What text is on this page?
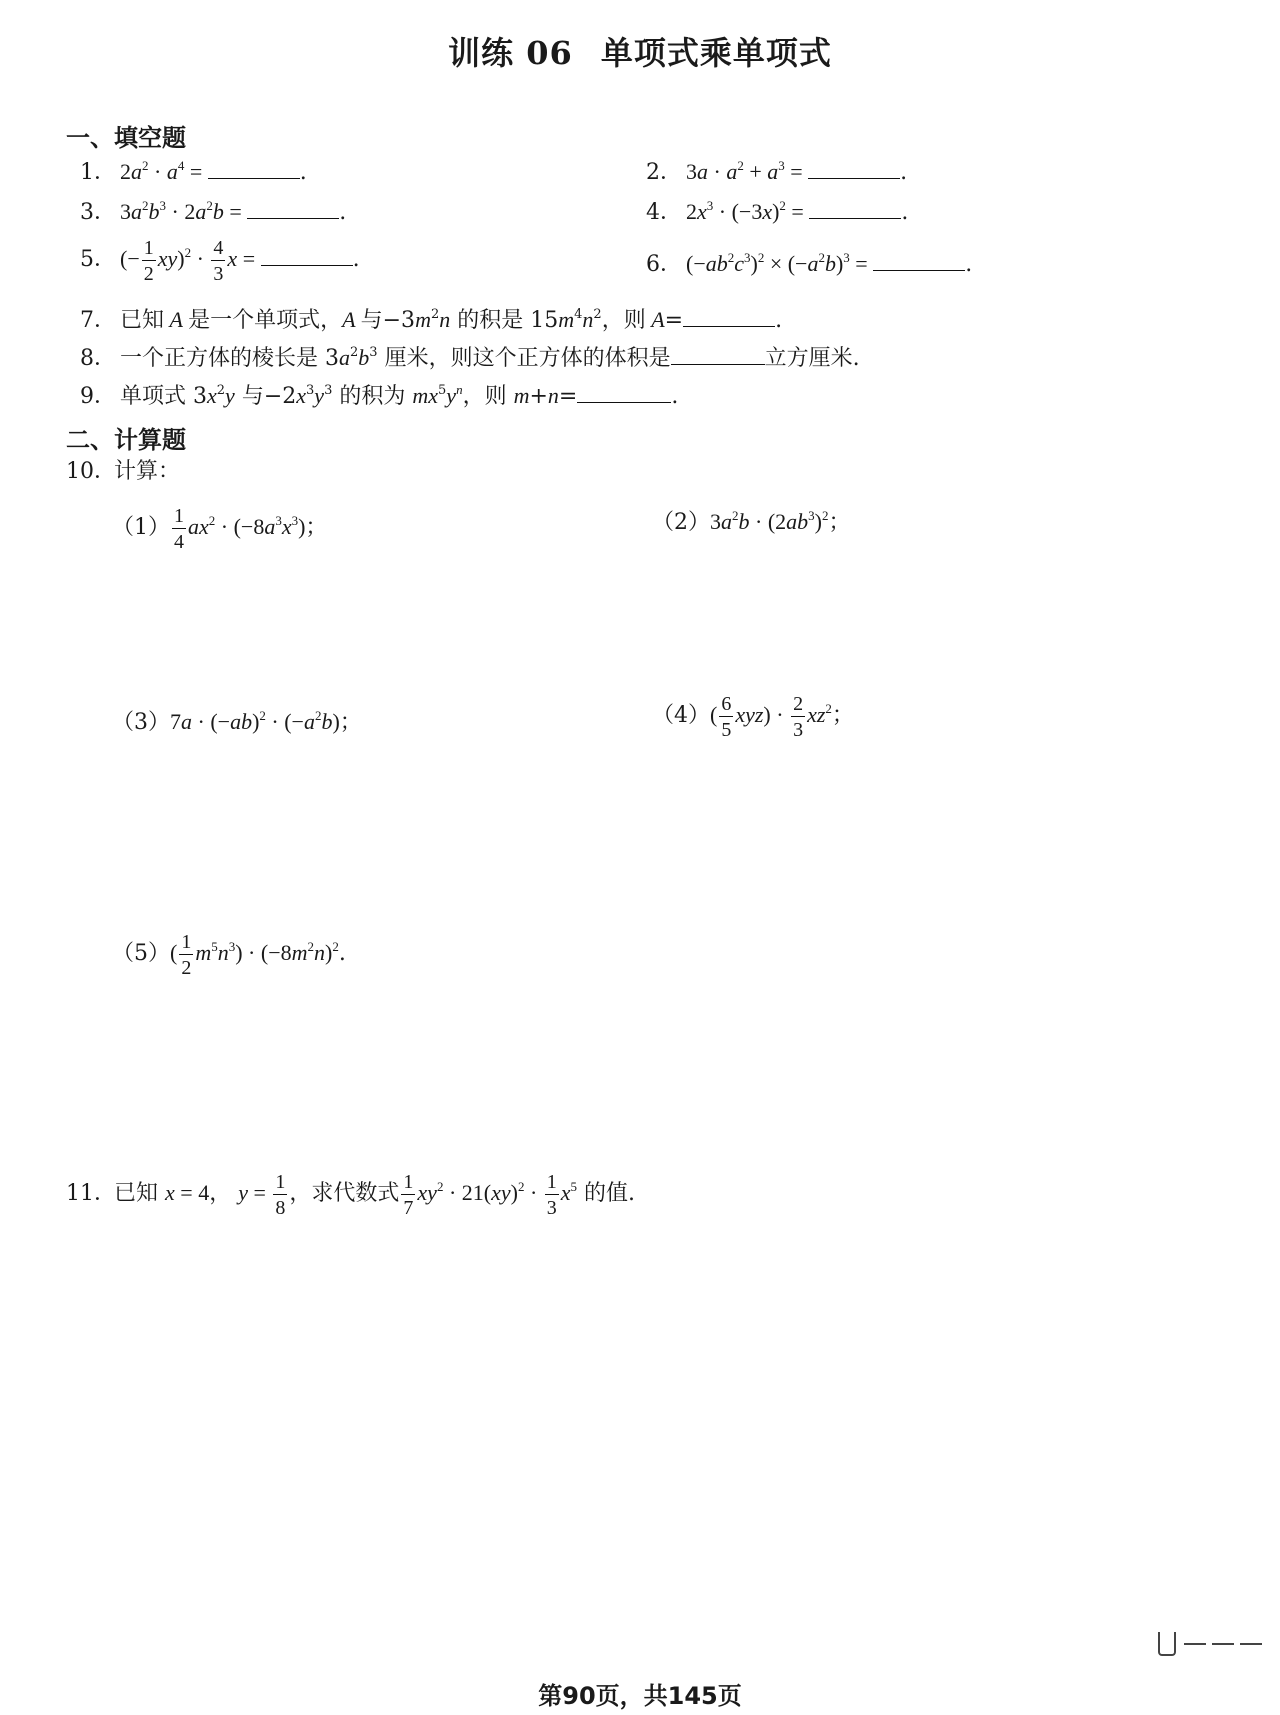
训练 06 单项式乘单项式
一、填空题
1． $2a^2 \cdot a^4$ =	.	2． $3a \cdot a^2 + a^3$ =	.
3． $3a^2b^3 \cdot 2a^2b$ =	.	4． $2x^3 \cdot (-3x)^2$ =	.
5． (− $\frac{1}{2} xy)^2 \cdot \frac{4}{3}$ x =	.	6． $(-ab^2c^3)^2 \times (-a^2b)^3$ =	.
7． 已知 A 是一个单项式，A 与$-3m^2n$ 的积是 $15m^4n^2$，则 A=	.
8． 一个正方体的棱长是 $3a^2b^3$ 厘米，则这个正方体的体积是	立方厘米.
9． 单项式 $3x^2y$ 与$-2x^3y^3$ 的积为 $mx^5y^n$，则 m+n=	.
二、计算题
10．计算：
$(1) \frac{1}{4} ax^2 \cdot (-8a^3x^3)$；	$(2)3a^2b \cdot (2ab^3)^2$；
$(3)7a \cdot (-ab)^2 \cdot (-a^2b)$；	$(4)( \frac{6}{5} xyz) \cdot \frac{2}{3} xz^2$；
$(5)( \frac{1}{2} m^5n^3) \cdot (-8m^2n)^2$.
11．已知 x = 4， $y = \frac{1}{8}$ ，求代数式 $\frac{1}{7} xy^2 \cdot 21(xy)^2 \cdot \frac{1}{3} x^5$ 的值.
第90页，共145页
